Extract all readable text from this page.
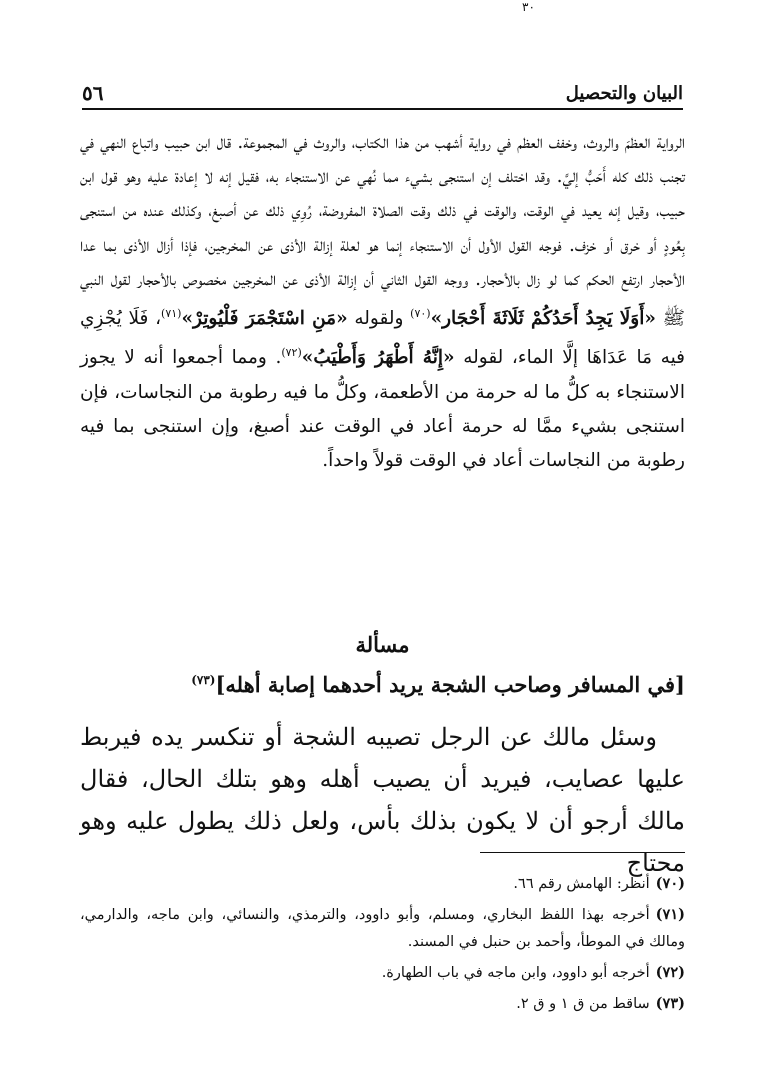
٣٠
البيان والتحصيل
٥٦

الرواية العظمَ والروث، وخفف العظم في رواية أشهب من هذا الكتاب، والروث في المجموعة. قال ابن حبيب واتباع النهي في تجنب ذلك كله أَحَبُّ إليَّ. وقد اختلف إن استنجى بشيء مما نُهي عن الاستنجاء به، فقيل إنه لا إعادة عليه وهو قول ابن حبيب، وقيل إنه يعيد في الوقت، والوقت في ذلك وقت الصلاة المفروضة، رُوِي ذلك عن أصبغ، وكذلك عنده من استنجى بِعُودٍ أو خرق أو خزف. فوجه القول الأول أن الاستنجاء إنما هو لعلة إزالة الأذى عن المخرجين، فإذا أزال الأذى بما عدا الأحجار ارتفع الحكم كما لو زال بالأحجار. ووجه القول الثاني أن إزالة الأذى عن المخرجين مخصوص بالأحجار لقول النبي ﷺ «أَوَلَا يَجِدُ أَحَدُكُمْ ثَلَاثَةَ أَحْجَار»$^{(٧٠)}$ ولقوله «مَنِ اسْتَجْمَرَ فَلْيُوتِرْ»$^{(٧١)}$، فَلَا يُجْزِي فيه مَا عَدَاهَا إلَّا الماء، لقوله «إِنَّهُ أَطْهَرُ وَأَطْيَبُ»$^{(٧٢)}$. ومما أجمعوا أنه لا يجوز الاستنجاء به كلُّ ما له حرمة من الأطعمة، وكلُّ ما فيه رطوبة من النجاسات، فإن استنجى بشيء ممَّا له حرمة أعاد في الوقت عند أصبغ، وإن استنجى بما فيه رطوبة من النجاسات أعاد في الوقت قولاً واحداً.

مسألة
[في المسافر وصاحب الشجة يريد أحدهما إصابة أهله]$^{(٧٣)}$

وسئل مالك عن الرجل تصيبه الشجة أو تنكسر يده فيربط عليها عصايب، فيريد أن يصيب أهله وهو بتلك الحال، فقال مالك أرجو أن لا يكون بذلك بأس، ولعل ذلك يطول عليه وهو محتاج

(٧٠)أنظر: الهامش رقم ٦٦.

(٧١)أخرجه بهذا اللفظ البخاري، ومسلم، وأبو داوود، والترمذي، والنسائي، وابن ماجه، والدارمي، ومالك في الموطأ، وأحمد بن حنبل في المسند.

(٧٢)أخرجه أبو داوود، وابن ماجه في باب الطهارة.

(٧٣)ساقط من ق ١ و ق ٢.
